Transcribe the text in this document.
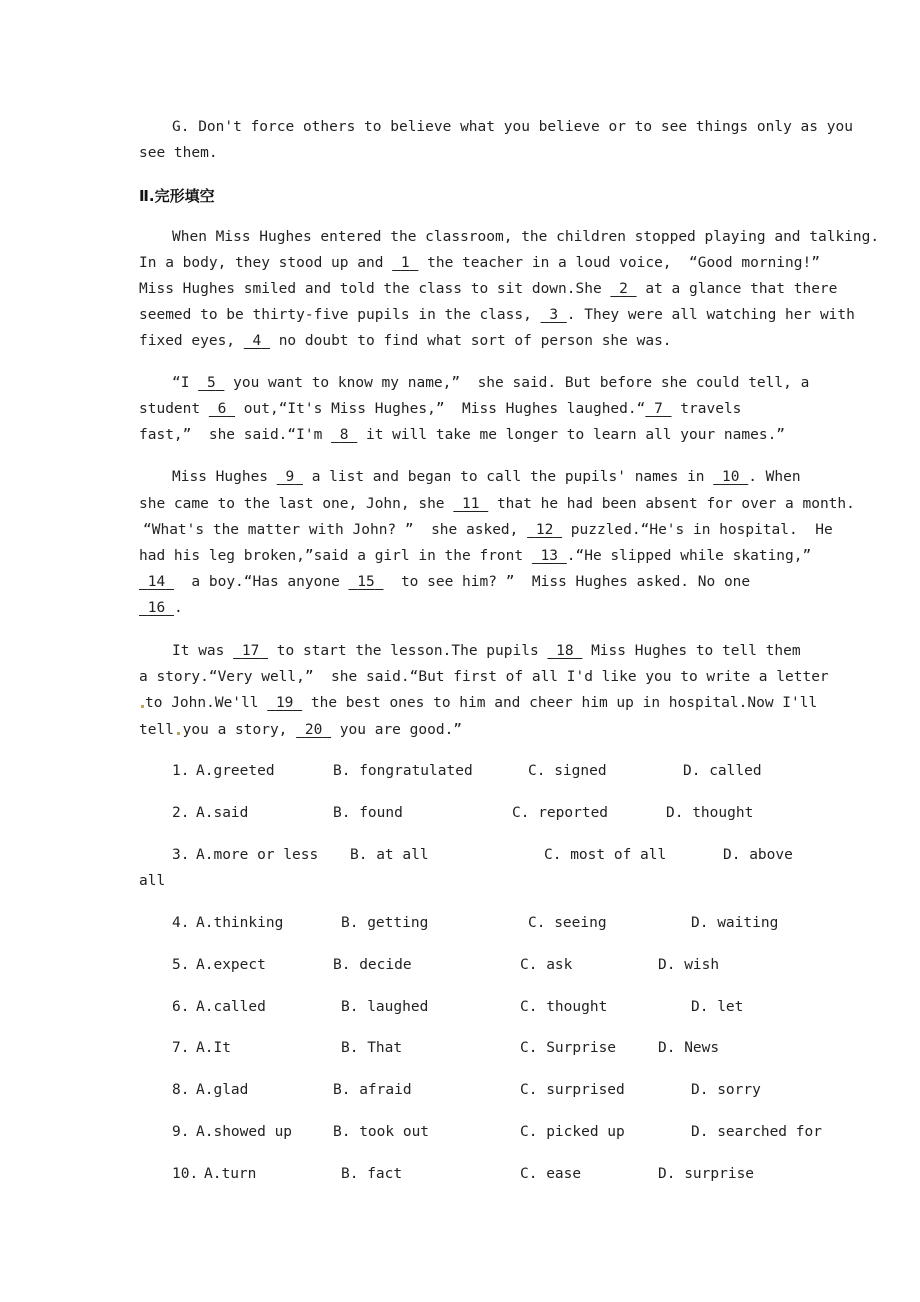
G. Don't force others to believe what you believe or to see things only as you
see them.
Ⅱ.完形填空
When Miss Hughes entered the classroom, the children stopped playing and talking.
In a body, they stood up and  1  the teacher in a loud voice,  “Good morning!”
Miss Hughes smiled and told the class to sit down.She  2  at a glance that there
seemed to be thirty-five pupils in the class,  3 . They were all watching her with
fixed eyes,  4  no doubt to find what sort of person she was.
“I  5  you want to know my name,”  she said. But before she could tell, a
student  6  out,“It's Miss Hughes,”  Miss Hughes laughed.“ 7  travels
fast,”  she said.“I'm  8  it will take me longer to learn all your names.”
Miss Hughes  9  a list and began to call the pupils' names in  10 . When
she came to the last one, John, she  11  that he had been absent for over a month.
“What's the matter with John? ”  she asked,  12  puzzled.“He's in hospital.  He
had his leg broken,”said a girl in the front  13 .“He slipped while skating,”
14   a boy.“Has anyone  15   to see him? ”  Miss Hughes asked. No one
16 .
It was  17  to start the lesson.The pupils  18  Miss Hughes to tell them
a story.“Very well,”  she said.“But first of all I'd like you to write a letter
to John.We'll  19  the best ones to him and cheer him up in hospital.Now I'll
tell you a story,  20  you are good.”
1. A.greeted	B. fongratulated	C. signed	D. called
2. A.said	B. found	C. reported	D. thought
3. A.more or less B. at all	C. most of all	D. above
all
4. A.thinking	B. getting	C. seeing	D. waiting
5. A.expect	B. decide	C. ask	D. wish
6. A.called	B. laughed	C. thought	D. let
7. A.It	B. That	C. Surprise	D. News
8. A.glad	B. afraid	C. surprised	D. sorry
9. A.showed up	B. took out	C. picked up	D. searched for
10. A.turn	B. fact	C. ease	D. surprise
